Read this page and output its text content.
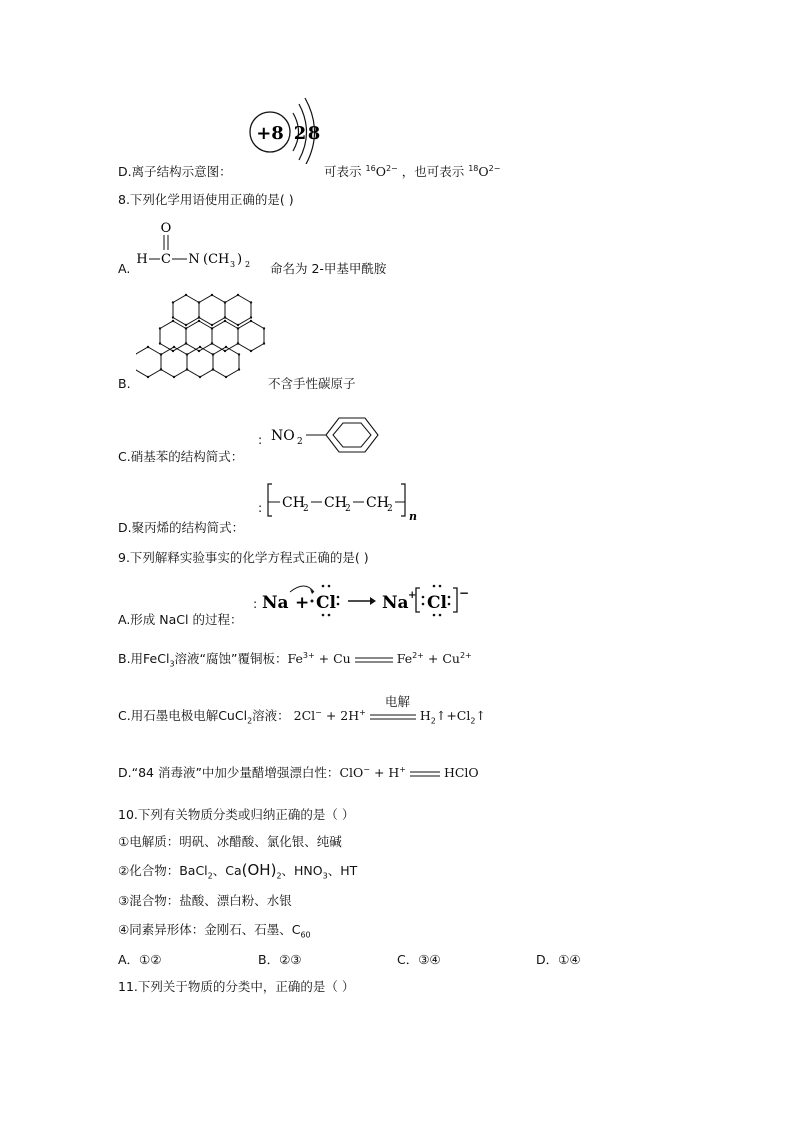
+8 2 8
D.离子结构示意图：	可表示 $^{16}O^{2-}$ ，也可表示 $^{18}O^{2-}$
8.下列化学用语使用正确的是( )
O
H C N (CH 3 ) 2
A.	命名为 2-甲基甲酰胺
B.	不含手性碳原子
: NO 2
C.硝基苯的结构简式：
: CH
2 CH
2 CH
2
n
D.聚丙烯的结构简式：
9.下列解释实验事实的化学方程式正确的是( )
: Na + Cl	Na + Cl −
A.形成 NaCl 的过程：
B.用FeCl$_3$溶液“腐蚀”覆铜板：$Fe^{3+} + Cu$	$Fe^{2+} + Cu^{2+}$
电解
C.用石墨电极电解CuCl$_2$溶液： 2Cl− + 2H+	$H_2↑+Cl_2↑$
D.“84 消毒液”中加少量醋增强漂白性：ClO− + H+	HClO
10.下列有关物质分类或归纳正确的是（ ）
①电解质：明矾、冰醋酸、氯化银、纯碱
②化合物：BaCl$_2$、$Ca(OH)_2$、$HNO_3$、HT
③混合物：盐酸、漂白粉、水银
④同素异形体：金刚石、石墨、$C_{60}$
A．①②	B．②③	C．③④	D．①④
11.下列关于物质的分类中，正确的是（ ）
